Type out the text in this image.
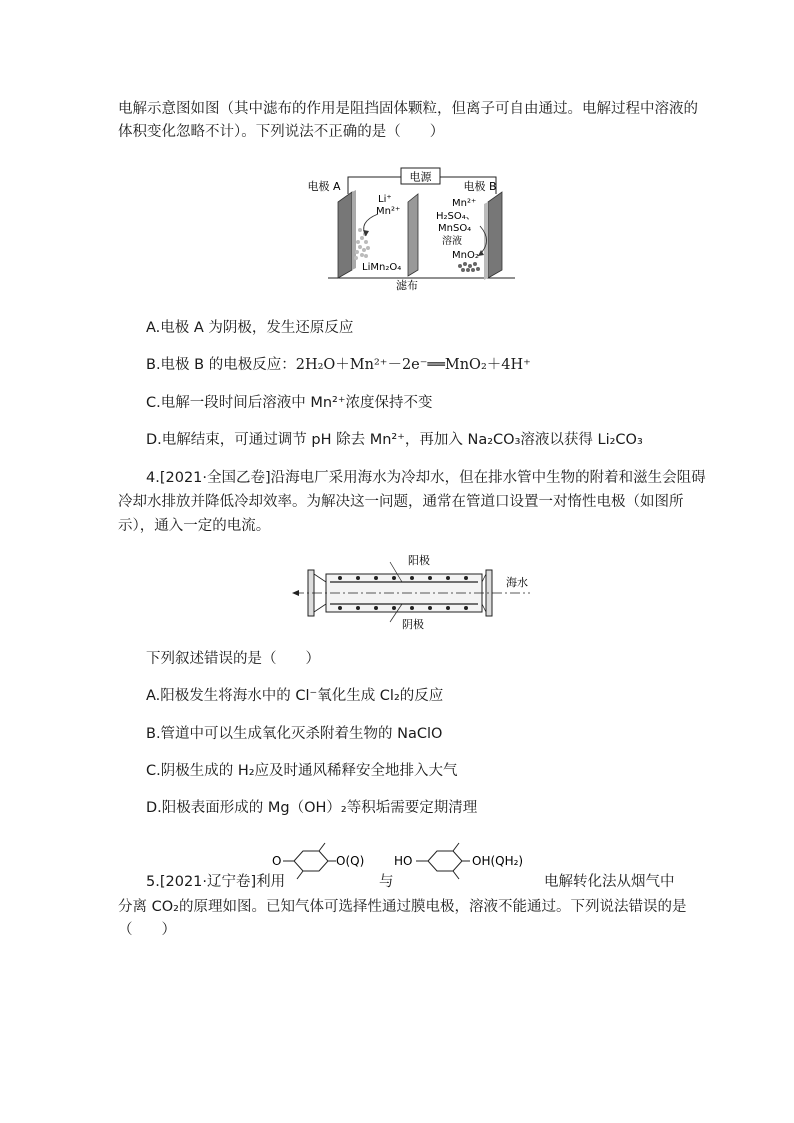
电解示意图如图（其中滤布的作用是阻挡固体颗粒，但离子可自由通过。电解过程中溶液的
体积变化忽略不计）。下列说法不正确的是（　　）
电源
电极 A	电极 B
Li⁺
Mn²⁺
LiMn₂O₄
滤布
Mn²⁺
H₂SO₄、
MnSO₄
溶液
MnO₂
A.电极 A 为阴极，发生还原反应
B.电极 B 的电极反应：2H₂O＋Mn²⁺－2e⁻══MnO₂＋4H⁺
C.电解一段时间后溶液中 Mn²⁺浓度保持不变
D.电解结束，可通过调节 pH 除去 Mn²⁺，再加入 Na₂CO₃溶液以获得 Li₂CO₃
4.[2021·全国乙卷]沿海电厂采用海水为冷却水，但在排水管中生物的附着和滋生会阻碍
冷却水排放并降低冷却效率。为解决这一问题，通常在管道口设置一对惰性电极（如图所
示），通入一定的电流。
阳极
阴极
海水
下列叙述错误的是（　　）
A.阳极发生将海水中的 Cl⁻氧化生成 Cl₂的反应
B.管道中可以生成氧化灭杀附着生物的 NaClO
C.阴极生成的 H₂应及时通风稀释安全地排入大气
D.阳极表面形成的 Mg（OH）₂等积垢需要定期清理
O	O(Q) HO	OH(QH₂)
5.[2021·辽宁卷]利用	与	电解转化法从烟气中
分离 CO₂的原理如图。已知气体可选择性通过膜电极，溶液不能通过。下列说法错误的是
（　　）
